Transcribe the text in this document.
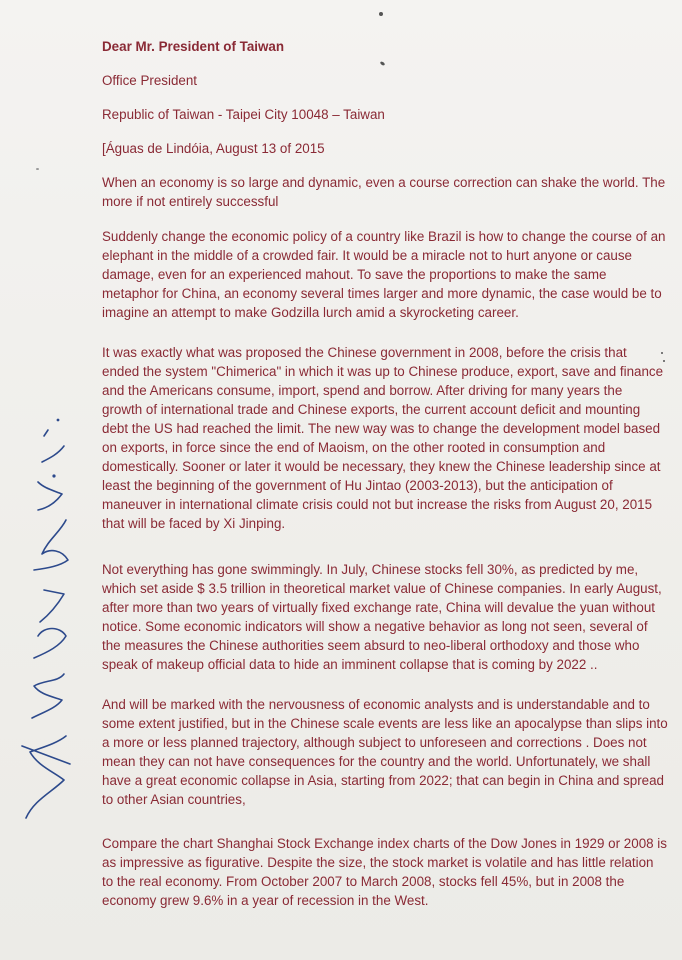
Dear Mr. President of Taiwan
Office President
Republic of Taiwan - Taipei City 10048 – Taiwan
[Águas de Lindóia, August 13 of 2015
When an economy is so large and dynamic, even a course correction can shake the world. The
more if not entirely successful
Suddenly change the economic policy of a country like Brazil is how to change the course of an
elephant in the middle of a crowded fair. It would be a miracle not to hurt anyone or cause
damage, even for an experienced mahout. To save the proportions to make the same
metaphor for China, an economy several times larger and more dynamic, the case would be to
imagine an attempt to make Godzilla lurch amid a skyrocketing career.
It was exactly what was proposed the Chinese government in 2008, before the crisis that
ended the system "Chimerica" in which it was up to Chinese produce, export, save and finance
and the Americans consume, import, spend and borrow. After driving for many years the
growth of international trade and Chinese exports, the current account deficit and mounting
debt the US had reached the limit. The new way was to change the development model based
on exports, in force since the end of Maoism, on the other rooted in consumption and
domestically. Sooner or later it would be necessary, they knew the Chinese leadership since at
least the beginning of the government of Hu Jintao (2003-2013), but the anticipation of
maneuver in international climate crisis could not but increase the risks from August 20, 2015
that will be faced by Xi Jinping.
Not everything has gone swimmingly. In July, Chinese stocks fell 30%, as predicted by me,
which set aside $ 3.5 trillion in theoretical market value of Chinese companies. In early August,
after more than two years of virtually fixed exchange rate, China will devalue the yuan without
notice. Some economic indicators will show a negative behavior as long not seen, several of
the measures the Chinese authorities seem absurd to neo-liberal orthodoxy and those who
speak of makeup official data to hide an imminent collapse that is coming by 2022 ..
And will be marked with the nervousness of economic analysts and is understandable and to
some extent justified, but in the Chinese scale events are less like an apocalypse than slips into
a more or less planned trajectory, although subject to unforeseen and corrections . Does not
mean they can not have consequences for the country and the world. Unfortunately, we shall
have a great economic collapse in Asia, starting from 2022; that can begin in China and spread
to other Asian countries,
Compare the chart Shanghai Stock Exchange index charts of the Dow Jones in 1929 or 2008 is
as impressive as figurative. Despite the size, the stock market is volatile and has little relation
to the real economy. From October 2007 to March 2008, stocks fell 45%, but in 2008 the
economy grew 9.6% in a year of recession in the West.
